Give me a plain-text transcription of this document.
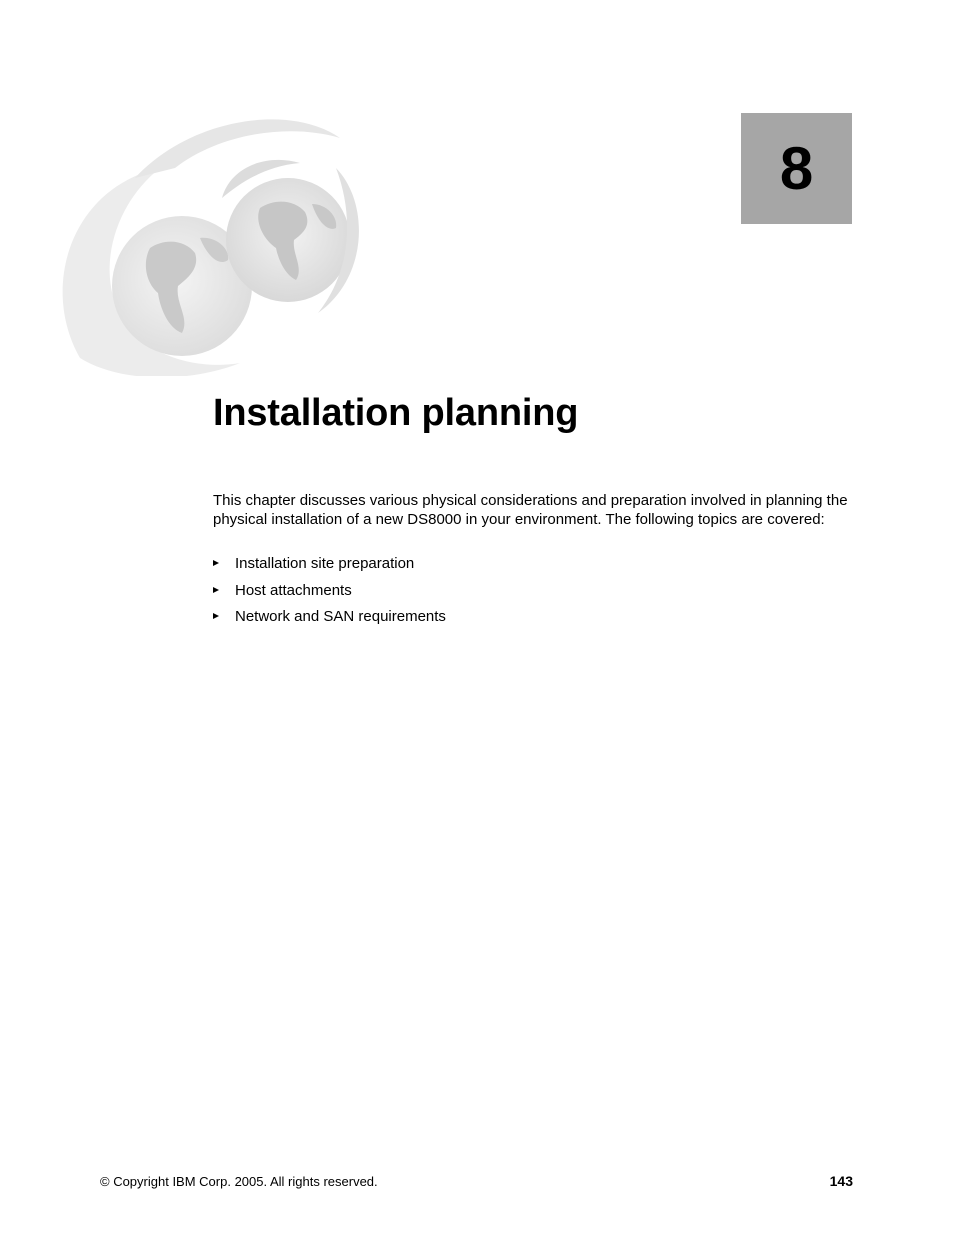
8
Installation planning

This chapter discusses various physical considerations and preparation involved in planning the physical installation of a new DS8000 in your environment. The following topics are covered:

Installation site preparation
Host attachments
Network and SAN requirements
© Copyright IBM Corp. 2005. All rights reserved.	143
